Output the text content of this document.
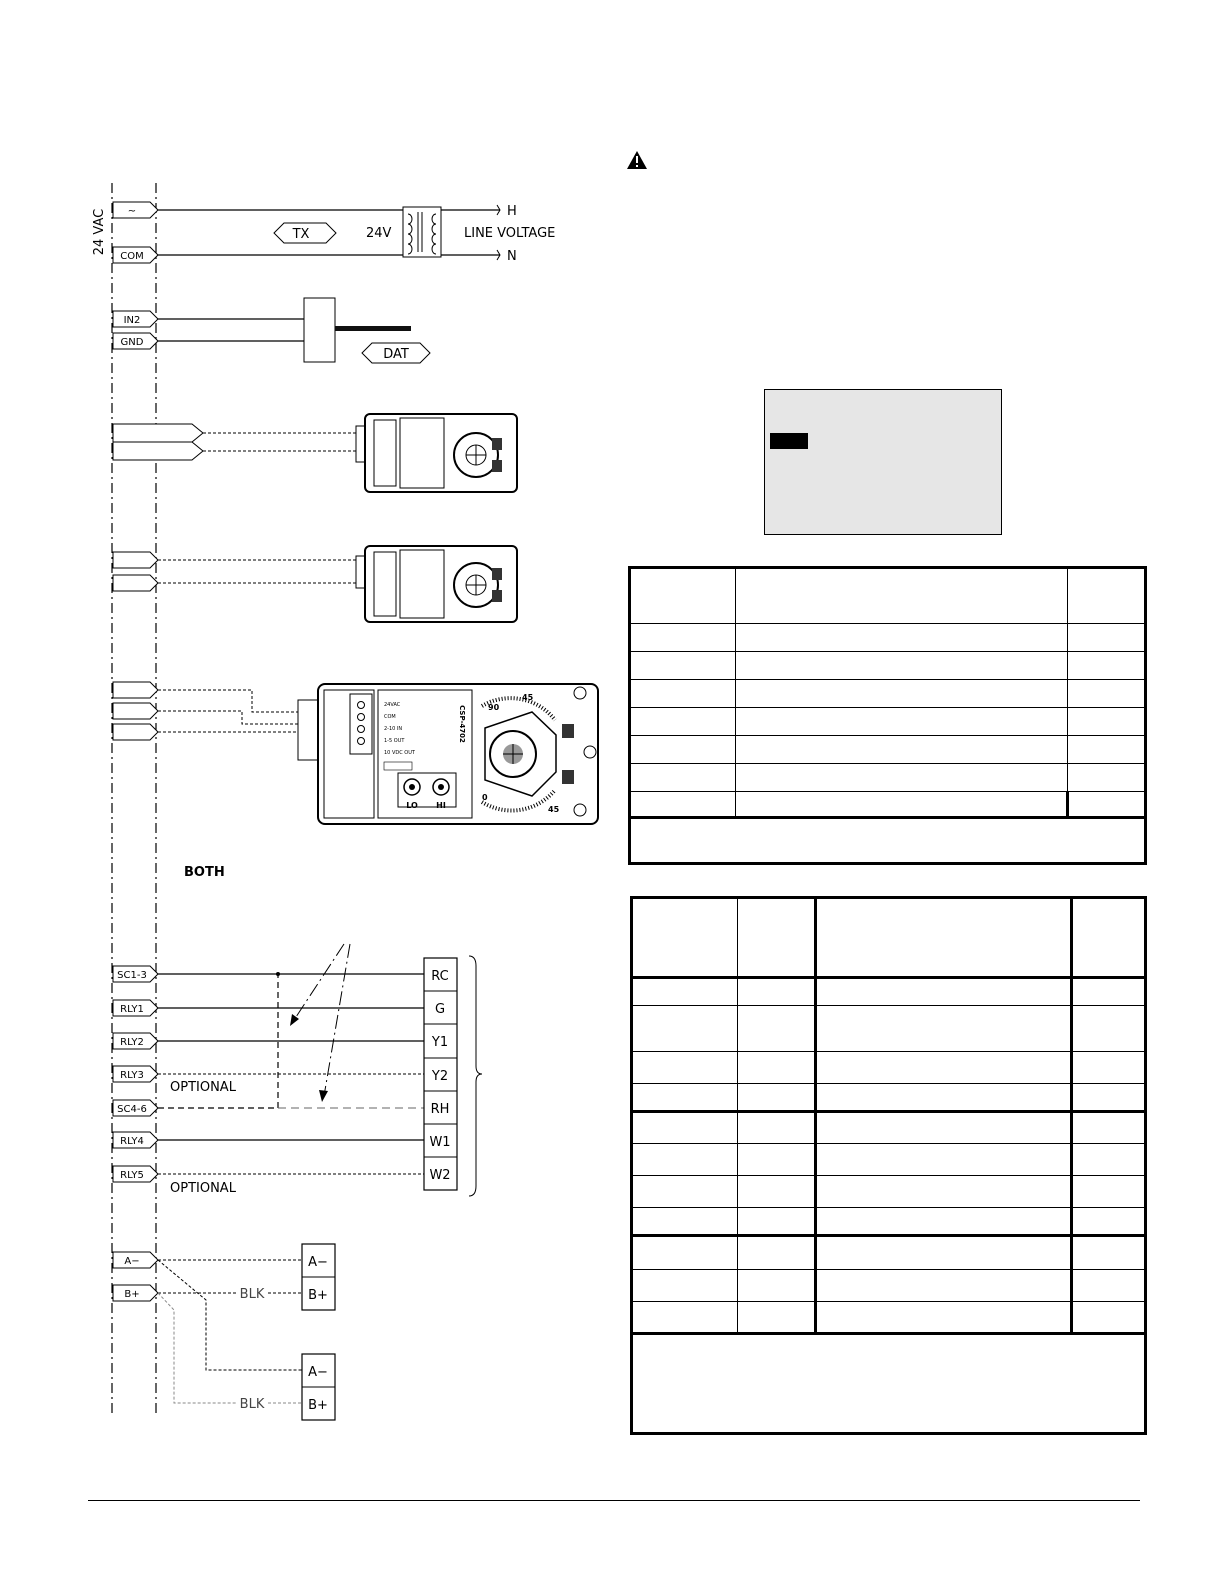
24 VAC ~
COM
TX	24V
H
N
LINE VOLTAGE
IN2
GND
DAT
24VAC
COM
2-10 IN
1-5 OUT
10 VDC OUT
CSP-4702
LO HI
90
45
45
0
BOTH
SC1-3
RLY1
RLY2
RLY3
SC4-6
RLY4
RLY5
OPTIONAL
OPTIONAL
RC
G
Y1
Y2
RH
W1
W2
A−
B+	BLK
A−
B+
BLK
A−
B+
